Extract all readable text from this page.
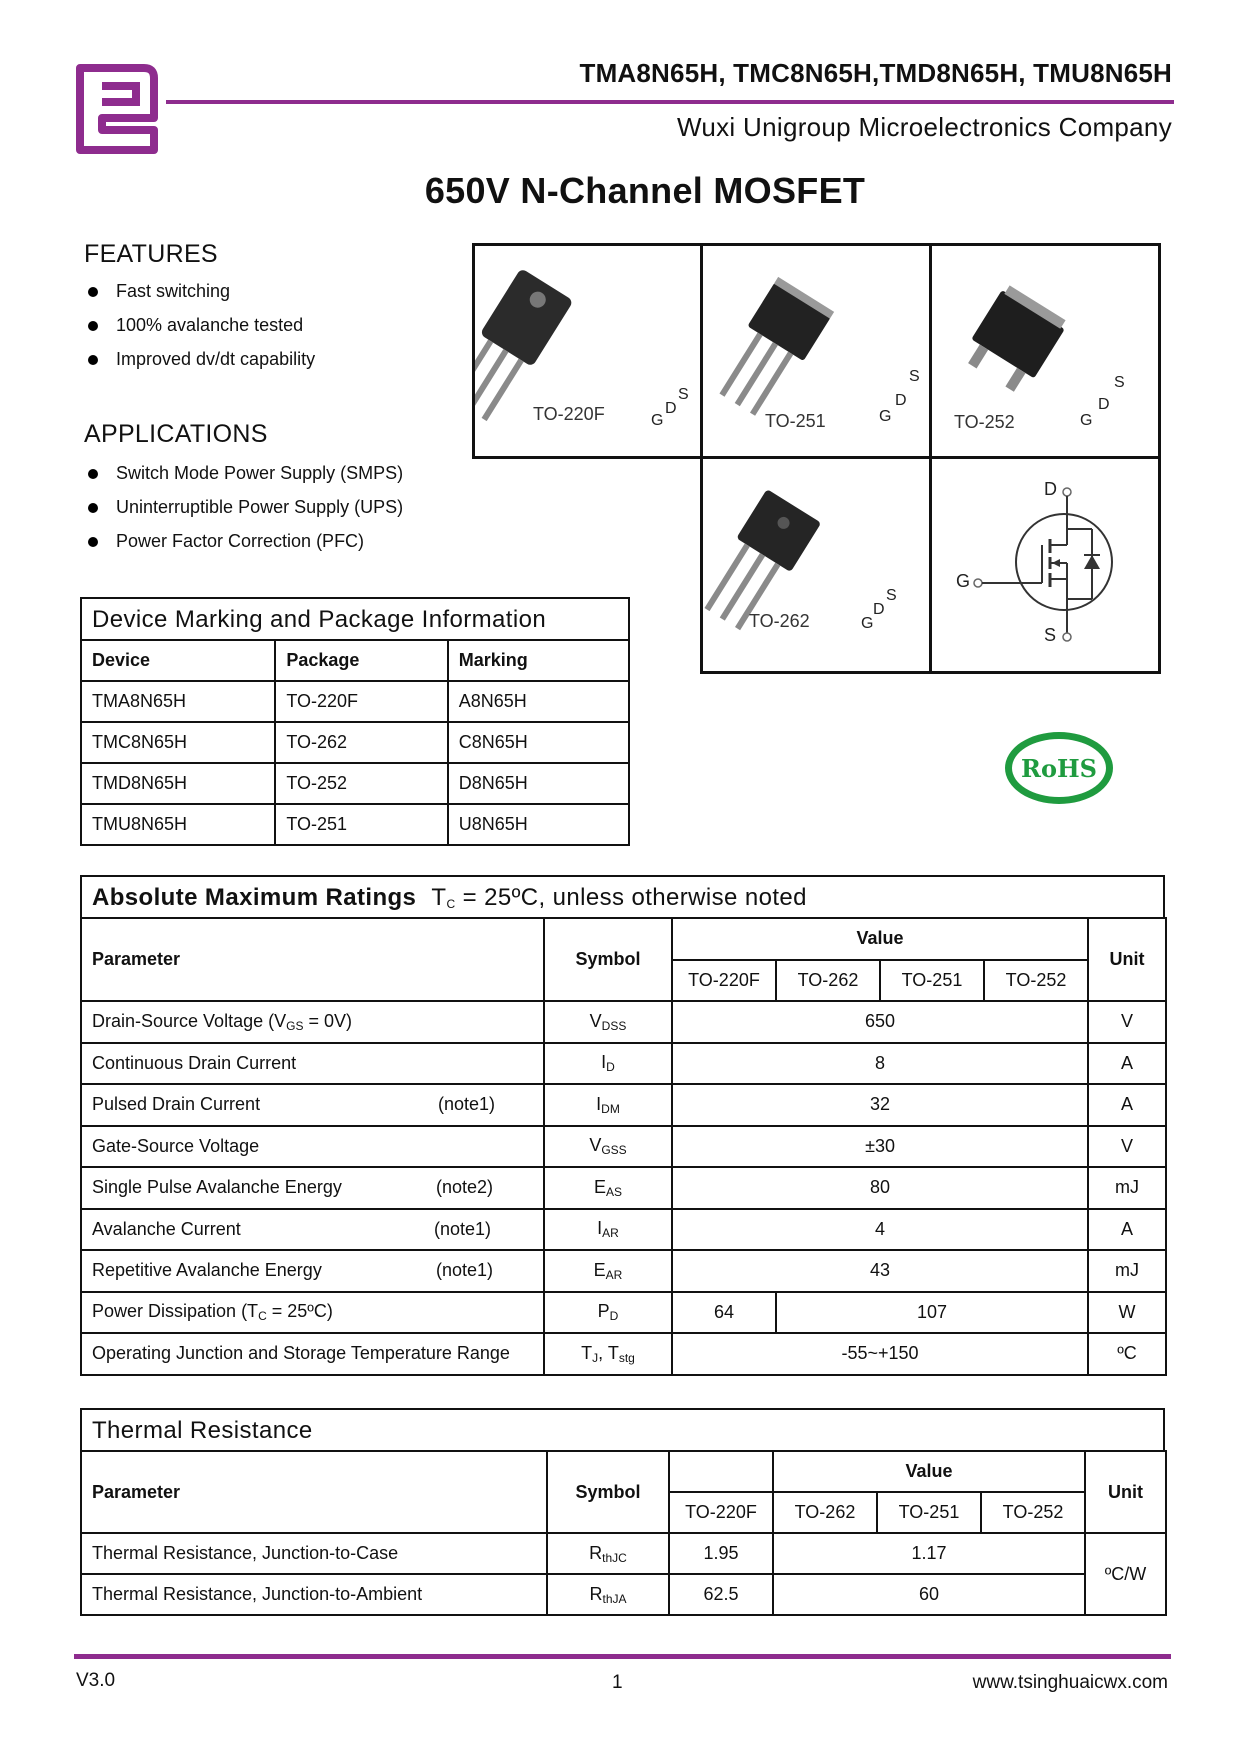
TMA8N65H, TMC8N65H,TMD8N65H, TMU8N65H
Wuxi Unigroup Microelectronics Company
650V N-Channel MOSFET
FEATURES
Fast switching
100% avalanche tested
Improved dv/dt capability
APPLICATIONS
Switch Mode Power Supply (SMPS)
Uninterruptible Power Supply (UPS)
Power Factor Correction (PFC)
TO-220F	G
D
S
TO-251	G
D
S
TO-252	G
D
S
TO-262	G
D
S
D
G
S
RoHS
Device Marking and Package Information
Device	Package	Marking
TMA8N65H	TO-220F	A8N65H
TMC8N65H	TO-262	C8N65H
TMD8N65H	TO-252	D8N65H
TMU8N65H	TO-251	U8N65H
Absolute Maximum Ratings $T_C$ = 25ºC, unless otherwise noted
Parameter	Symbol	Value				Unit
		TO-220F	TO-262	TO-251	TO-252	
Drain-Source Voltage $(V_{GS} = 0V)$	$V_{DSS}$	650				V
Continuous Drain Current	$I_D$	8				A
Pulsed Drain Current (note1)	$I_{DM}$	32				A
Gate-Source Voltage	$V_{GSS}$	±30				V
Single Pulse Avalanche Energy (note2)	$E_{AS}$	80				mJ
Avalanche Current (note1)	$I_{AR}$	4				A
Repetitive Avalanche Energy (note1)	$E_{AR}$	43				mJ
Power Dissipation ($T_C$ = 25ºC)	$P_D$	64	107			W
Operating Junction and Storage Temperature Range	$T_J$, $T_{stg}$	-55~+150				ºC
Thermal Resistance
Parameter	Symbol		Value			Unit
		TO-220F	TO-262	TO-251	TO-252	
Thermal Resistance, Junction-to-Case	$R_{thJC}$	1.95	1.17			ºC/W
Thermal Resistance, Junction-to-Ambient	$R_{thJA}$	62.5	60			
V3.0	1	www.tsinghuaicwx.com
